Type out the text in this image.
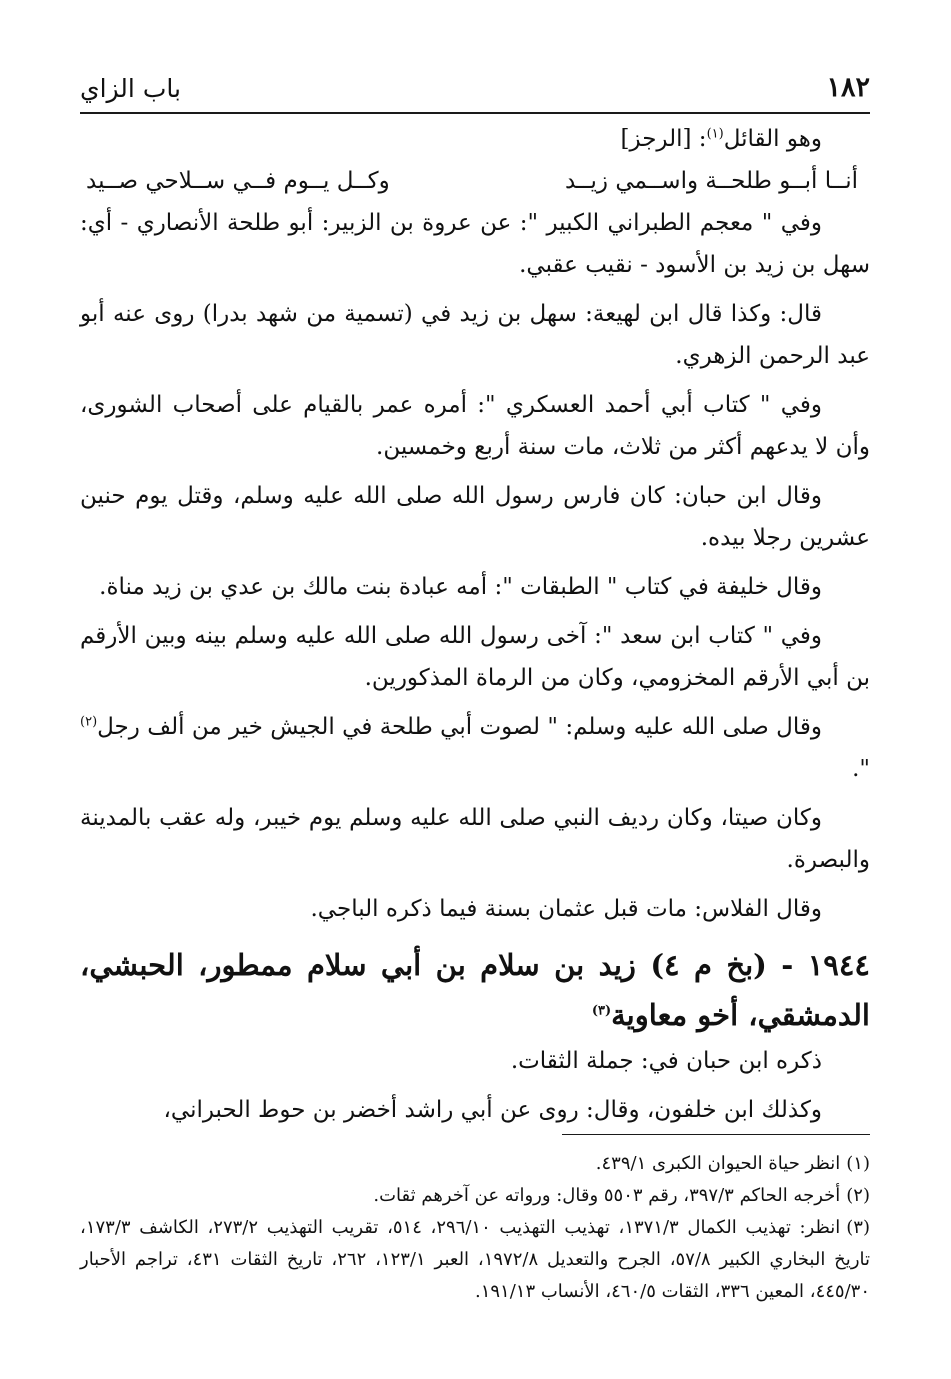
١٨٢
باب الزاي

وهو القائل$^{(١)}$: [الرجز]

أنــا أبــو طلحــة واســمي زيــد
وكــل يــوم فــي ســلاحي صــيد

وفي " معجم الطبراني الكبير ": عن عروة بن الزبير: أبو طلحة الأنصاري - أي: سهل بن زيد بن الأسود - نقيب عقبي.

قال: وكذا قال ابن لهيعة: سهل بن زيد في (تسمية من شهد بدرا) روى عنه أبو عبد الرحمن الزهري.

وفي " كتاب أبي أحمد العسكري ": أمره عمر بالقيام على أصحاب الشورى، وأن لا يدعهم أكثر من ثلاث، مات سنة أربع وخمسين.

وقال ابن حبان: كان فارس رسول الله صلى الله عليه وسلم، وقتل يوم حنين عشرين رجلا بيده.

وقال خليفة في كتاب " الطبقات ": أمه عبادة بنت مالك بن عدي بن زيد مناة.

وفي " كتاب ابن سعد ": آخى رسول الله صلى الله عليه وسلم بينه وبين الأرقم بن أبي الأرقم المخزومي، وكان من الرماة المذكورين.

وقال صلى الله عليه وسلم: " لصوت أبي طلحة في الجيش خير من ألف رجل$^{(٢)}$ ".

وكان صيتا، وكان رديف النبي صلى الله عليه وسلم يوم خيبر، وله عقب بالمدينة والبصرة.

وقال الفلاس: مات قبل عثمان بسنة فيما ذكره الباجي.

١٩٤٤ - (بخ م ٤) زيد بن سلام بن أبي سلام ممطور، الحبشي، الدمشقي، أخو معاوية$^{(٣)}$

ذكره ابن حبان في: جملة الثقات.

وكذلك ابن خلفون، وقال: روى عن أبي راشد أخضر بن حوط الحبراني،

(١)انظر حياة الحيوان الكبرى ٤٣٩/١.

(٢)أخرجه الحاكم ٣٩٧/٣، رقم ٥٥٠٣ وقال: ورواته عن آخرهم ثقات.

(٣)انظر: تهذيب الكمال ١٣٧١/٣، تهذيب التهذيب ٢٩٦/١٠، ٥١٤، تقريب التهذيب ٢٧٣/٢، الكاشف ١٧٣/٣، تاريخ البخاري الكبير ٥٧/٨، الجرح والتعديل ١٩٧٢/٨، العبر ١٢٣/١، ٢٦٢، تاريخ الثقات ٤٣١، تراجم الأحبار ٤٤٥/٣٠، المعين ٣٣٦، الثقات ٤٦٠/٥، الأنساب ١٩١/١٣.
